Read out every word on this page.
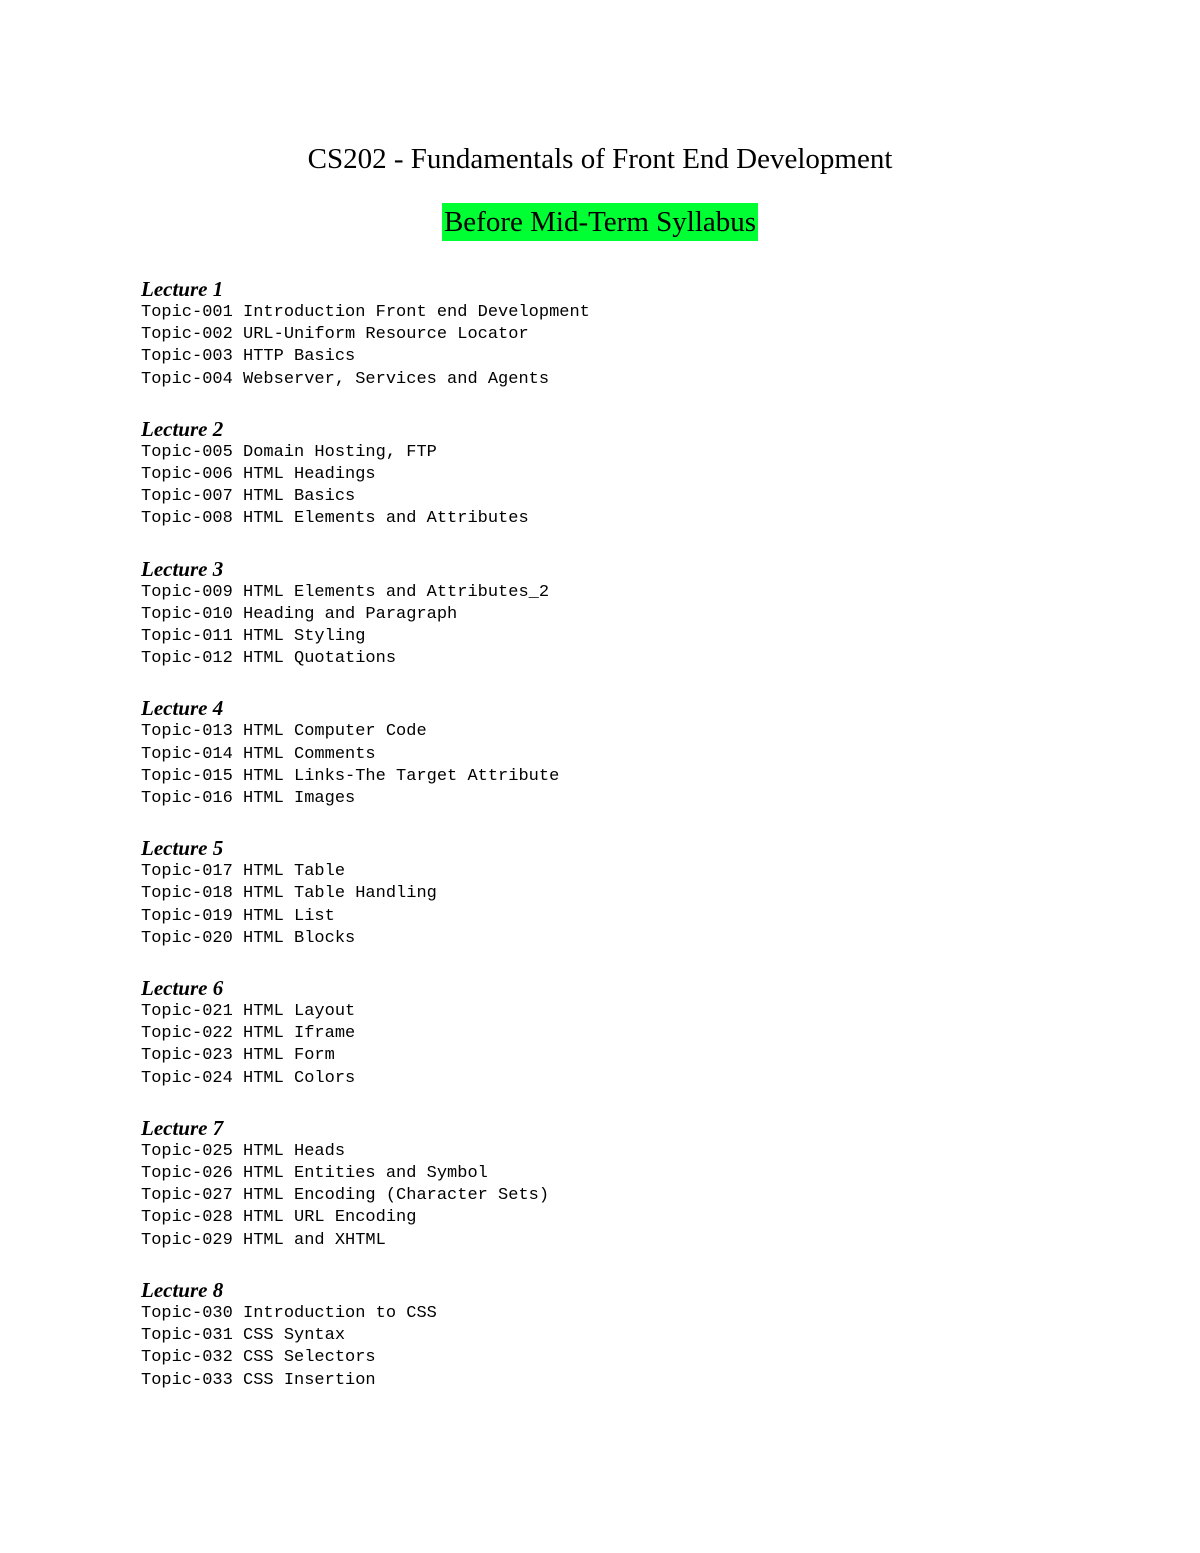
CS202 - Fundamentals of Front End Development
Before Mid-Term Syllabus
Lecture 1
Topic-001 Introduction Front end Development
Topic-002 URL-Uniform Resource Locator
Topic-003 HTTP Basics
Topic-004 Webserver, Services and Agents
Lecture 2
Topic-005 Domain Hosting, FTP
Topic-006 HTML Headings
Topic-007 HTML Basics
Topic-008 HTML Elements and Attributes
Lecture 3
Topic-009 HTML Elements and Attributes_2
Topic-010 Heading and Paragraph
Topic-011 HTML Styling
Topic-012 HTML Quotations
Lecture 4
Topic-013 HTML Computer Code
Topic-014 HTML Comments
Topic-015 HTML Links-The Target Attribute
Topic-016 HTML Images
Lecture 5
Topic-017 HTML Table
Topic-018 HTML Table Handling
Topic-019 HTML List
Topic-020 HTML Blocks
Lecture 6
Topic-021 HTML Layout
Topic-022 HTML Iframe
Topic-023 HTML Form
Topic-024 HTML Colors
Lecture 7
Topic-025 HTML Heads
Topic-026 HTML Entities and Symbol
Topic-027 HTML Encoding (Character Sets)
Topic-028 HTML URL Encoding
Topic-029 HTML and XHTML
Lecture 8
Topic-030 Introduction to CSS
Topic-031 CSS Syntax
Topic-032 CSS Selectors
Topic-033 CSS Insertion
